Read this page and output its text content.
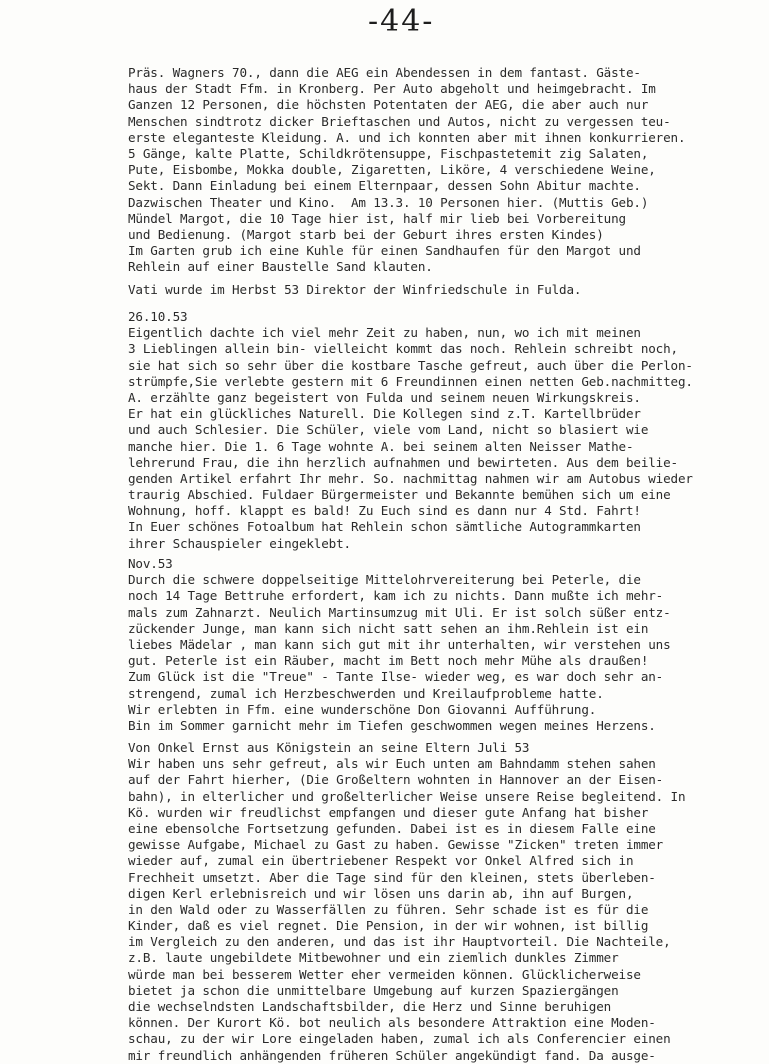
-44-
Präs. Wagners 70., dann die AEG ein Abendessen in dem fantast. Gäste-
haus der Stadt Ffm. in Kronberg. Per Auto abgeholt und heimgebracht. Im
Ganzen 12 Personen, die höchsten Potentaten der AEG, die aber auch nur
Menschen sindtrotz dicker Brieftaschen und Autos, nicht zu vergessen teu-
erste eleganteste Kleidung. A. und ich konnten aber mit ihnen konkurrieren.
5 Gänge, kalte Platte, Schildkrötensuppe, Fischpastetemit zig Salaten,
Pute, Eisbombe, Mokka double, Zigaretten, Liköre, 4 verschiedene Weine,
Sekt. Dann Einladung bei einem Elternpaar, dessen Sohn Abitur machte.
Dazwischen Theater und Kino.  Am 13.3. 10 Personen hier. (Muttis Geb.)
Mündel Margot, die 10 Tage hier ist, half mir lieb bei Vorbereitung
und Bedienung. (Margot starb bei der Geburt ihres ersten Kindes)
Im Garten grub ich eine Kuhle für einen Sandhaufen für den Margot und
Rehlein auf einer Baustelle Sand klauten.
Vati wurde im Herbst 53 Direktor der Winfriedschule in Fulda.
26.10.53
Eigentlich dachte ich viel mehr Zeit zu haben, nun, wo ich mit meinen
3 Lieblingen allein bin- vielleicht kommt das noch. Rehlein schreibt noch,
sie hat sich so sehr über die kostbare Tasche gefreut, auch über die Perlon-
strümpfe,Sie verlebte gestern mit 6 Freundinnen einen netten Geb.nachmitteg.
A. erzählte ganz begeistert von Fulda und seinem neuen Wirkungskreis.
Er hat ein glückliches Naturell. Die Kollegen sind z.T. Kartellbrüder
und auch Schlesier. Die Schüler, viele vom Land, nicht so blasiert wie
manche hier. Die 1. 6 Tage wohnte A. bei seinem alten Neisser Mathe-
lehrerund Frau, die ihn herzlich aufnahmen und bewirteten. Aus dem beilie-
genden Artikel erfahrt Ihr mehr. So. nachmittag nahmen wir am Autobus wieder
traurig Abschied. Fuldaer Bürgermeister und Bekannte bemühen sich um eine
Wohnung, hoff. klappt es bald! Zu Euch sind es dann nur 4 Std. Fahrt!
In Euer schönes Fotoalbum hat Rehlein schon sämtliche Autogrammkarten
ihrer Schauspieler eingeklebt.
Nov.53
Durch die schwere doppelseitige Mittelohrvereiterung bei Peterle, die
noch 14 Tage Bettruhe erfordert, kam ich zu nichts. Dann mußte ich mehr-
mals zum Zahnarzt. Neulich Martinsumzug mit Uli. Er ist solch süßer entz-
zückender Junge, man kann sich nicht satt sehen an ihm.Rehlein ist ein
liebes Mädelar , man kann sich gut mit ihr unterhalten, wir verstehen uns
gut. Peterle ist ein Räuber, macht im Bett noch mehr Mühe als draußen!
Zum Glück ist die "Treue" - Tante Ilse- wieder weg, es war doch sehr an-
strengend, zumal ich Herzbeschwerden und Kreilaufprobleme hatte.
Wir erlebten in Ffm. eine wunderschöne Don Giovanni Aufführung.
Bin im Sommer garnicht mehr im Tiefen geschwommen wegen meines Herzens.
Von Onkel Ernst aus Königstein an seine Eltern Juli 53
Wir haben uns sehr gefreut, als wir Euch unten am Bahndamm stehen sahen
auf der Fahrt hierher, (Die Großeltern wohnten in Hannover an der Eisen-
bahn), in elterlicher und großelterlicher Weise unsere Reise begleitend. In
Kö. wurden wir freudlichst empfangen und dieser gute Anfang hat bisher
eine ebensolche Fortsetzung gefunden. Dabei ist es in diesem Falle eine
gewisse Aufgabe, Michael zu Gast zu haben. Gewisse "Zicken" treten immer
wieder auf, zumal ein übertriebener Respekt vor Onkel Alfred sich in
Frechheit umsetzt. Aber die Tage sind für den kleinen, stets überleben-
digen Kerl erlebnisreich und wir lösen uns darin ab, ihn auf Burgen,
in den Wald oder zu Wasserfällen zu führen. Sehr schade ist es für die
Kinder, daß es viel regnet. Die Pension, in der wir wohnen, ist billig
im Vergleich zu den anderen, und das ist ihr Hauptvorteil. Die Nachteile,
z.B. laute ungebildete Mitbewohner und ein ziemlich dunkles Zimmer
würde man bei besserem Wetter eher vermeiden können. Glücklicherweise
bietet ja schon die unmittelbare Umgebung auf kurzen Spaziergängen
die wechselndsten Landschaftsbilder, die Herz und Sinne beruhigen
können. Der Kurort Kö. bot neulich als besondere Attraktion eine Moden-
schau, zu der wir Lore eingeladen haben, zumal ich als Conferencier einen
mir freundlich anhängenden früheren Schüler angekündigt fand. Da ausge-
